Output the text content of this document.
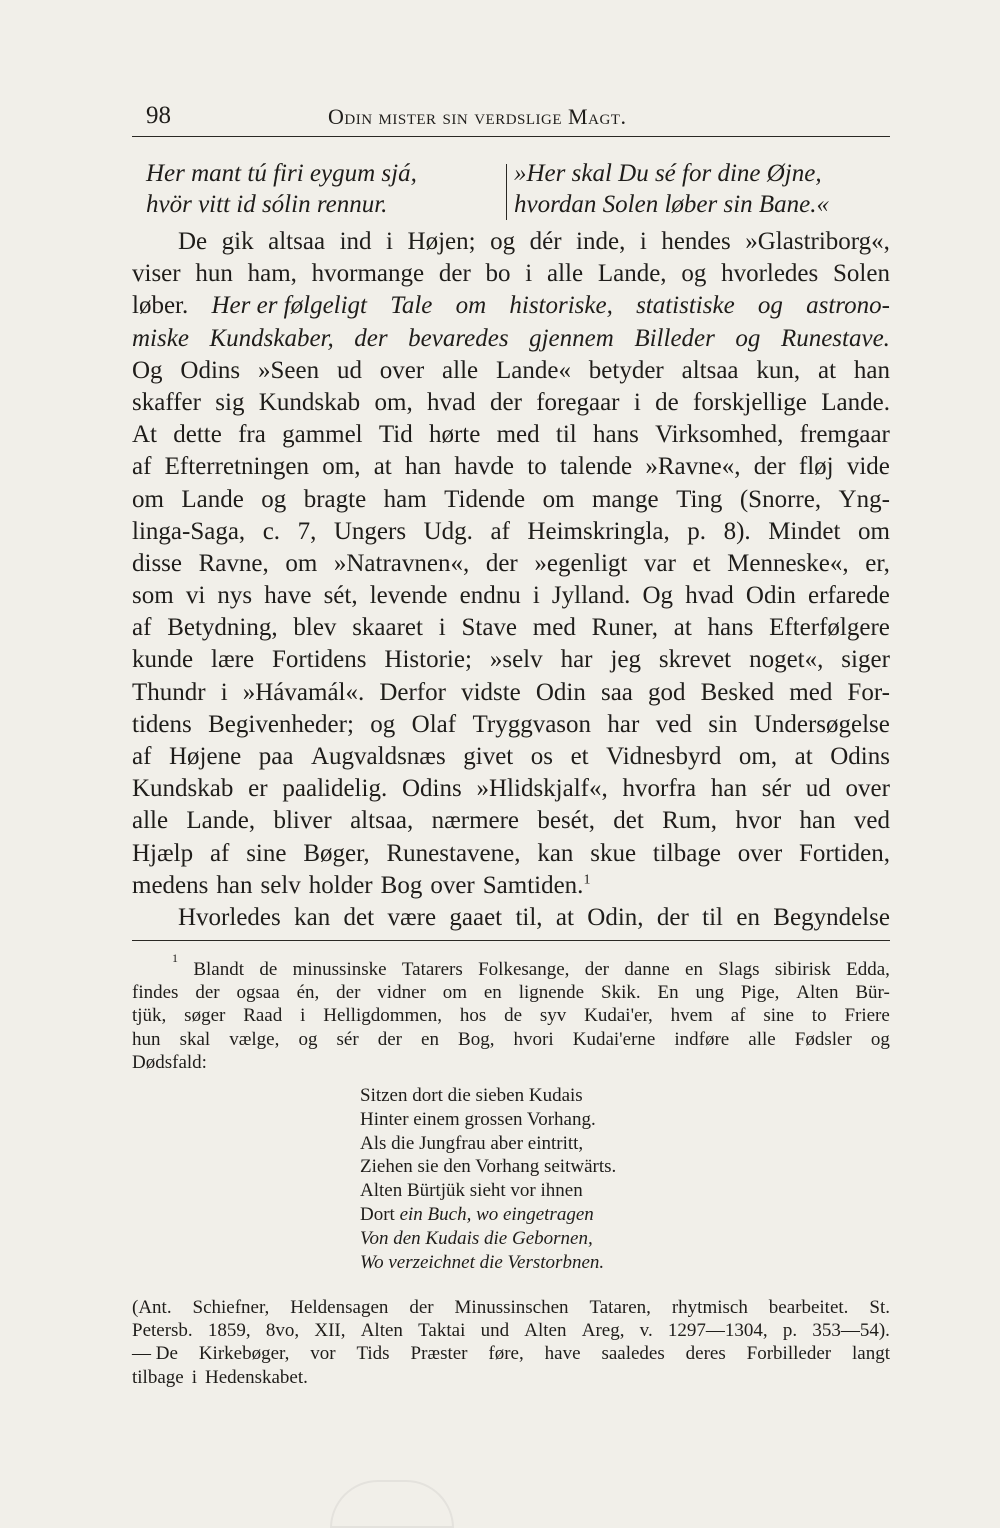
98	Odin mister sin verdslige Magt.
Her mant tú firi eygum sjá,
hvör vitt id sólin rennur.
»Her skal Du sé for dine Øjne,
hvordan Solen løber sin Bane.«
De gik altsaa ind i Højen; og dér inde, i hendes »Glastriborg«,
viser hun ham, hvormange der bo i alle Lande, og hvorledes Solen
løber. Her er følgeligt Tale om historiske, statistiske og astrono-
miske Kundskaber, der bevaredes gjennem Billeder og Runestave.
Og Odins »Seen ud over alle Lande« betyder altsaa kun, at han
skaffer sig Kundskab om, hvad der foregaar i de forskjellige Lande.
At dette fra gammel Tid hørte med til hans Virksomhed, fremgaar
af Efterretningen om, at han havde to talende »Ravne«, der fløj vide
om Lande og bragte ham Tidende om mange Ting (Snorre, Yng-
linga-Saga, c. 7, Ungers Udg. af Heimskringla, p. 8). Mindet om
disse Ravne, om »Natravnen«, der »egenligt var et Menneske«, er,
som vi nys have sét, levende endnu i Jylland. Og hvad Odin erfarede
af Betydning, blev skaaret i Stave med Runer, at hans Efterfølgere
kunde lære Fortidens Historie; »selv har jeg skrevet noget«, siger
Thundr i »Hávamál«. Derfor vidste Odin saa god Besked med For-
tidens Begivenheder; og Olaf Tryggvason har ved sin Undersøgelse
af Højene paa Augvaldsnæs givet os et Vidnesbyrd om, at Odins
Kundskab er paalidelig. Odins »Hlidskjalf«, hvorfra han sér ud over
alle Lande, bliver altsaa, nærmere besét, det Rum, hvor han ved
Hjælp af sine Bøger, Runestavene, kan skue tilbage over Fortiden,
medens han selv holder Bog over Samtiden.$^1$
Hvorledes kan det være gaaet til, at Odin, der til en Begyndelse
1
Blandt de minussinske Tatarers Folkesange, der danne en Slags sibirisk Edda,
findes der ogsaa én, der vidner om en lignende Skik. En ung Pige, Alten Bür-
tjük, søger Raad i Helligdommen, hos de syv Kudai'er, hvem af sine to Friere
hun skal vælge, og sér der en Bog, hvori Kudai'erne indføre alle Fødsler og
Dødsfald:
Sitzen dort die sieben Kudais
Hinter einem grossen Vorhang.
Als die Jungfrau aber eintritt,
Ziehen sie den Vorhang seitwärts.
Alten Bürtjük sieht vor ihnen
Dort ein Buch, wo eingetragen
Von den Kudais die Gebornen,
Wo verzeichnet die Verstorbnen.
(Ant. Schiefner, Heldensagen der Minussinschen Tataren, rhytmisch bearbeitet. St.
Petersb. 1859, 8vo, XII, Alten Taktai und Alten Areg, v. 1297—1304, p. 353—54).
— De Kirkebøger, vor Tids Præster føre, have saaledes deres Forbilleder langt
tilbage i Hedenskabet.
